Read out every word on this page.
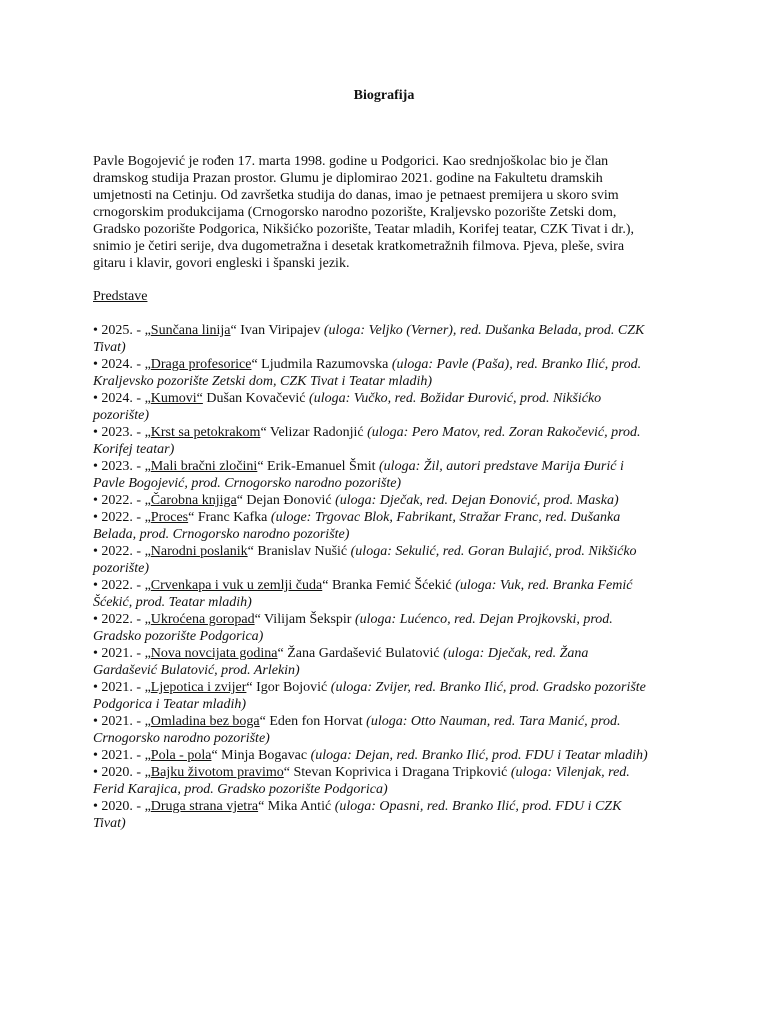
Biografija

Pavle Bogojević je rođen 17. marta 1998. godine u Podgorici. Kao srednjoškolac bio je član dramskog studija Prazan prostor. Glumu je diplomirao 2021. godine na Fakultetu dramskih umjetnosti na Cetinju. Od završetka studija do danas, imao je petnaest premijera u skoro svim crnogorskim produkcijama (Crnogorsko narodno pozorište, Kraljevsko pozorište Zetski dom, Gradsko pozorište Podgorica, Nikšićko pozorište, Teatar mladih, Korifej teatar, CZK Tivat i dr.), snimio je četiri serije, dva dugometražna i desetak kratkometražnih filmova. Pjeva, pleše, svira gitaru i klavir, govori engleski i španski jezik.

Predstave

• 2025. - „Sunčana linija“ Ivan Viripajev (uloga: Veljko (Verner), red. Dušanka Belada, prod. CZK Tivat)
• 2024. - „Draga profesorice“ Ljudmila Razumovska (uloga: Pavle (Paša), red. Branko Ilić, prod. Kraljevsko pozorište Zetski dom, CZK Tivat i Teatar mladih)
• 2024. - „Kumovi“ Dušan Kovačević (uloga: Vučko, red. Božidar Đurović, prod. Nikšićko pozorište)
• 2023. - „Krst sa petokrakom“ Velizar Radonjić (uloga: Pero Matov, red. Zoran Rakočević, prod. Korifej teatar)
• 2023. - „Mali bračni zločini“ Erik-Emanuel Šmit (uloga: Žil, autori predstave Marija Đurić i Pavle Bogojević, prod. Crnogorsko narodno pozorište)
• 2022. - „Čarobna knjiga“ Dejan Đonović (uloga: Dječak, red. Dejan Đonović, prod. Maska)
• 2022. - „Proces“ Franc Kafka (uloge: Trgovac Blok, Fabrikant, Stražar Franc, red. Dušanka Belada, prod. Crnogorsko narodno pozorište)
• 2022. - „Narodni poslanik“ Branislav Nušić (uloga: Sekulić, red. Goran Bulajić, prod. Nikšićko pozorište)
• 2022. - „Crvenkapa i vuk u zemlji čuda“ Branka Femić Šćekić (uloga: Vuk, red. Branka Femić Šćekić, prod. Teatar mladih)
• 2022. - „Ukroćena goropad“ Vilijam Šekspir (uloga: Lućenco, red. Dejan Projkovski, prod. Gradsko pozorište Podgorica)
• 2021. - „Nova novcijata godina“ Žana Gardašević Bulatović (uloga: Dječak, red. Žana Gardašević Bulatović, prod. Arlekin)
• 2021. - „Ljepotica i zvijer“ Igor Bojović (uloga: Zvijer, red. Branko Ilić, prod. Gradsko pozorište Podgorica i Teatar mladih)
• 2021. - „Omladina bez boga“ Eden fon Horvat (uloga: Otto Nauman, red. Tara Manić, prod. Crnogorsko narodno pozorište)
• 2021. - „Pola - pola“ Minja Bogavac (uloga: Dejan, red. Branko Ilić, prod. FDU i Teatar mladih)
• 2020. - „Bajku životom pravimo“ Stevan Koprivica i Dragana Tripković (uloga: Vilenjak, red. Ferid Karajica, prod. Gradsko pozorište Podgorica)
• 2020. - „Druga strana vjetra“ Mika Antić (uloga: Opasni, red. Branko Ilić, prod. FDU i CZK Tivat)
